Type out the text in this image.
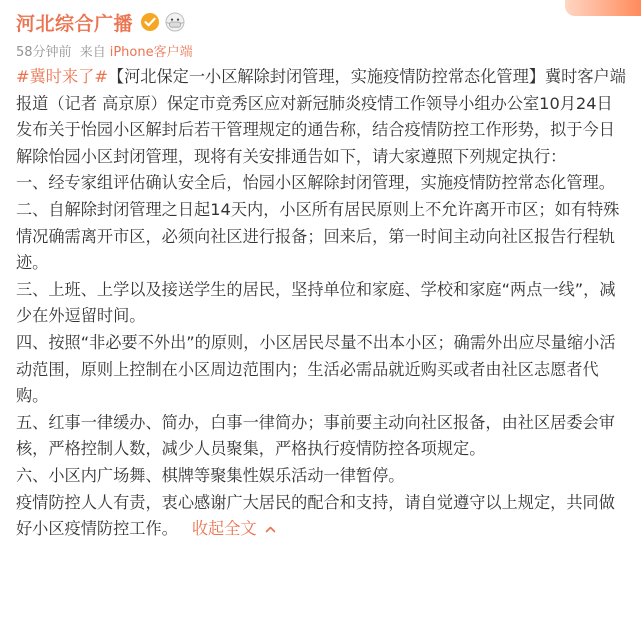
河北综合广播
58分钟前 来自 iPhone客户端

#冀时来了#【河北保定一小区解除封闭管理，实施疫情防控常态化管理】冀时客户端报道（记者 高京原）保定市竞秀区应对新冠肺炎疫情工作领导小组办公室10月24日发布关于怡园小区解封后若干管理规定的通告称，结合疫情防控工作形势，拟于今日解除怡园小区封闭管理，现将有关安排通告如下，请大家遵照下列规定执行：

一、经专家组评估确认安全后，怡园小区解除封闭管理，实施疫情防控常态化管理。

二、自解除封闭管理之日起14天内，小区所有居民原则上不允许离开市区；如有特殊情况确需离开市区，必须向社区进行报备；回来后，第一时间主动向社区报告行程轨迹。

三、上班、上学以及接送学生的居民，坚持单位和家庭、学校和家庭“两点一线”，减少在外逗留时间。

四、按照“非必要不外出”的原则，小区居民尽量不出本小区；确需外出应尽量缩小活动范围，原则上控制在小区周边范围内；生活必需品就近购买或者由社区志愿者代购。

五、红事一律缓办、简办，白事一律简办；事前要主动向社区报备，由社区居委会审核，严格控制人数，减少人员聚集，严格执行疫情防控各项规定。

六、小区内广场舞、棋牌等聚集性娱乐活动一律暂停。

疫情防控人人有责，衷心感谢广大居民的配合和支持，请自觉遵守以上规定，共同做好小区疫情防控工作。 收起全文
